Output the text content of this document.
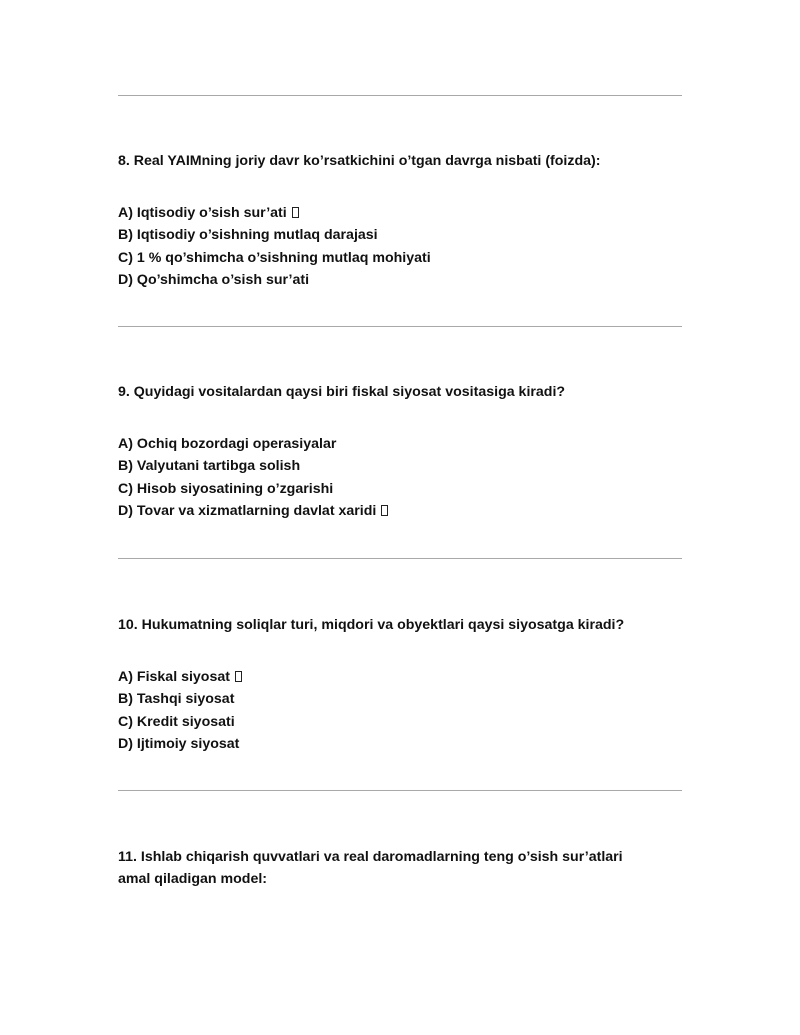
8. Real YAIMning joriy davr ko’rsatkichini o’tgan davrga nisbati (foizda):

A) Iqtisodiy o’sish sur’ati
B) Iqtisodiy o’sishning mutlaq darajasi
C) 1 % qo’shimcha o’sishning mutlaq mohiyati
D) Qo’shimcha o’sish sur’ati

9. Quyidagi vositalardan qaysi biri fiskal siyosat vositasiga kiradi?

A) Ochiq bozordagi operasiyalar
B) Valyutani tartibga solish
C) Hisob siyosatining o’zgarishi
D) Tovar va xizmatlarning davlat xaridi

10. Hukumatning soliqlar turi, miqdori va obyektlari qaysi siyosatga kiradi?

A) Fiskal siyosat
B) Tashqi siyosat
C) Kredit siyosati
D) Ijtimoiy siyosat

11. Ishlab chiqarish quvvatlari va real daromadlarning teng o’sish sur’atlari amal qiladigan model:
